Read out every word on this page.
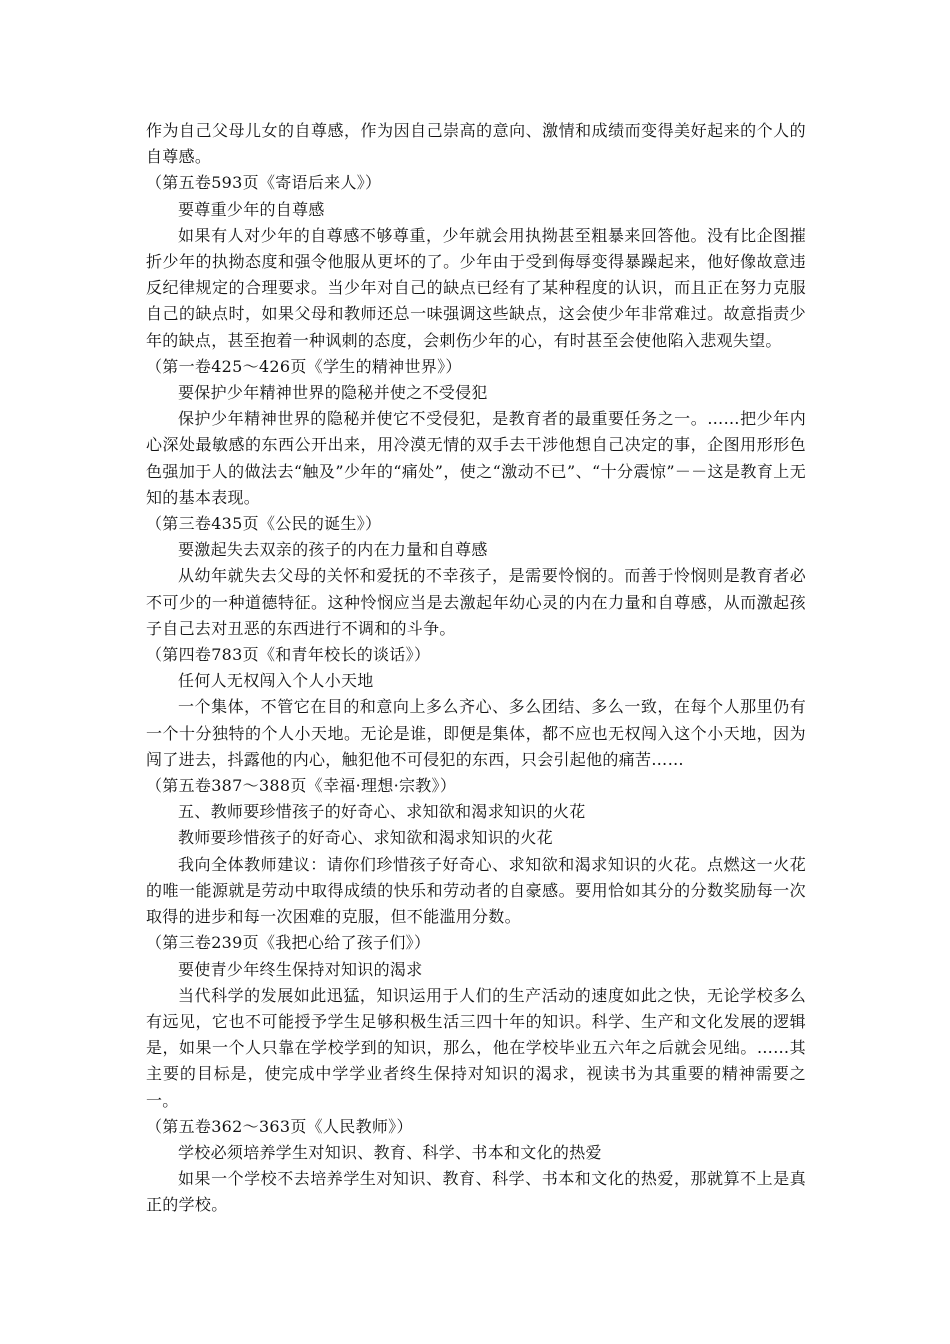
作为自己父母儿女的自尊感，作为因自己崇高的意向、激情和成绩而变得美好起来的个人的自尊感。

（第五卷593页《寄语后来人》）

要尊重少年的自尊感

如果有人对少年的自尊感不够尊重，少年就会用执拗甚至粗暴来回答他。没有比企图摧折少年的执拗态度和强令他服从更坏的了。少年由于受到侮辱变得暴躁起来，他好像故意违反纪律规定的合理要求。当少年对自己的缺点已经有了某种程度的认识，而且正在努力克服自己的缺点时，如果父母和教师还总一味强调这些缺点，这会使少年非常难过。故意指责少年的缺点，甚至抱着一种讽刺的态度，会刺伤少年的心，有时甚至会使他陷入悲观失望。

（第一卷425～426页《学生的精神世界》）

要保护少年精神世界的隐秘并使之不受侵犯

保护少年精神世界的隐秘并使它不受侵犯，是教育者的最重要任务之一。……把少年内心深处最敏感的东西公开出来，用冷漠无情的双手去干涉他想自己决定的事，企图用形形色色强加于人的做法去“触及”少年的“痛处”，使之“激动不已”、“十分震惊”－－这是教育上无知的基本表现。

（第三卷435页《公民的诞生》）

要激起失去双亲的孩子的内在力量和自尊感

从幼年就失去父母的关怀和爱抚的不幸孩子，是需要怜悯的。而善于怜悯则是教育者必不可少的一种道德特征。这种怜悯应当是去激起年幼心灵的内在力量和自尊感，从而激起孩子自己去对丑恶的东西进行不调和的斗争。

（第四卷783页《和青年校长的谈话》）

任何人无权闯入个人小天地

一个集体，不管它在目的和意向上多么齐心、多么团结、多么一致，在每个人那里仍有一个十分独特的个人小天地。无论是谁，即便是集体，都不应也无权闯入这个小天地，因为闯了进去，抖露他的内心，触犯他不可侵犯的东西，只会引起他的痛苦……

（第五卷387～388页《幸福·理想·宗教》）

五、教师要珍惜孩子的好奇心、求知欲和渴求知识的火花

教师要珍惜孩子的好奇心、求知欲和渴求知识的火花

我向全体教师建议：请你们珍惜孩子好奇心、求知欲和渴求知识的火花。点燃这一火花的唯一能源就是劳动中取得成绩的快乐和劳动者的自豪感。要用恰如其分的分数奖励每一次取得的进步和每一次困难的克服，但不能滥用分数。

（第三卷239页《我把心给了孩子们》）

要使青少年终生保持对知识的渴求

当代科学的发展如此迅猛，知识运用于人们的生产活动的速度如此之快，无论学校多么有远见，它也不可能授予学生足够积极生活三四十年的知识。科学、生产和文化发展的逻辑是，如果一个人只靠在学校学到的知识，那么，他在学校毕业五六年之后就会见绌。……其主要的目标是，使完成中学学业者终生保持对知识的渴求，视读书为其重要的精神需要之一。

（第五卷362～363页《人民教师》）

学校必须培养学生对知识、教育、科学、书本和文化的热爱

如果一个学校不去培养学生对知识、教育、科学、书本和文化的热爱，那就算不上是真正的学校。
